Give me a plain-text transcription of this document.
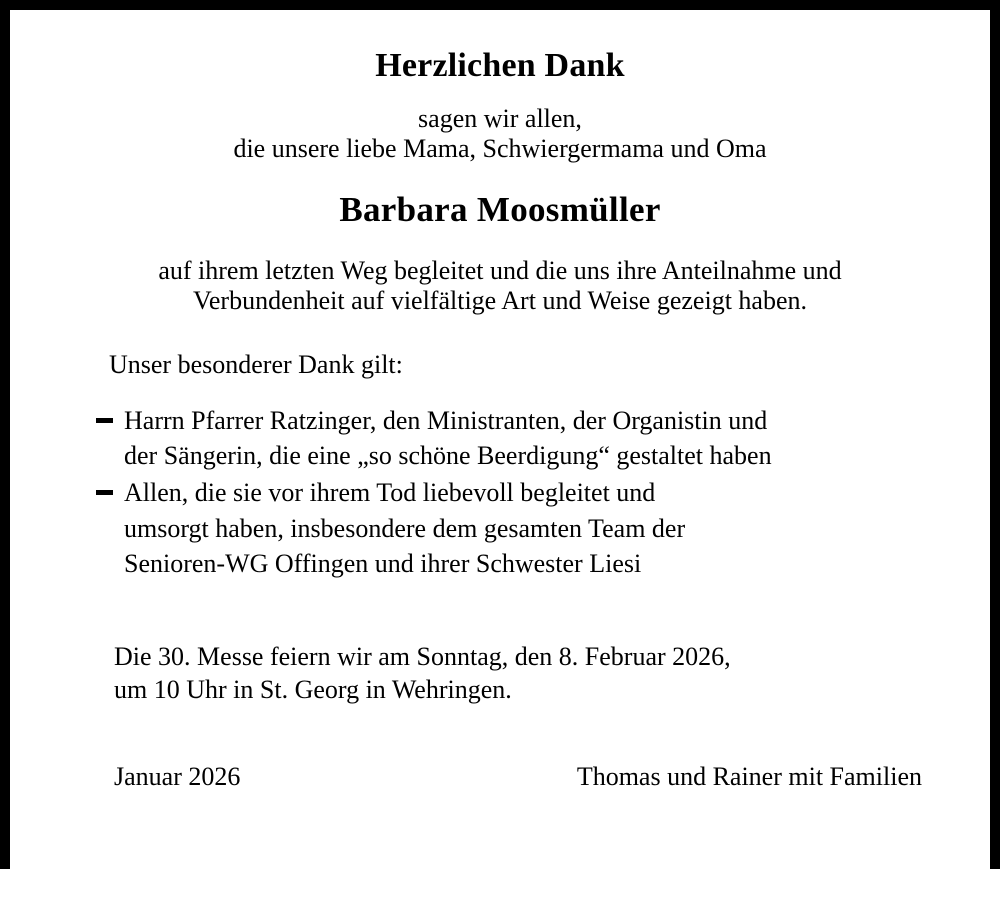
Herzlichen Dank
sagen wir allen,
die unsere liebe Mama, Schwiergermama und Oma
Barbara Moosmüller
auf ihrem letzten Weg begleitet und die uns ihre Anteilnahme und
Verbundenheit auf vielfältige Art und Weise gezeigt haben.
Unser besonderer Dank gilt:
Harrn Pfarrer Ratzinger, den Ministranten, der Organistin und
der Sängerin, die eine „so schöne Beerdigung“ gestaltet haben
Allen, die sie vor ihrem Tod liebevoll begleitet und
umsorgt haben, insbesondere dem gesamten Team der
Senioren-WG Offingen und ihrer Schwester Liesi
Die 30. Messe feiern wir am Sonntag, den 8. Februar 2026,
um 10 Uhr in St. Georg in Wehringen.
Januar 2026	Thomas und Rainer mit Familien
